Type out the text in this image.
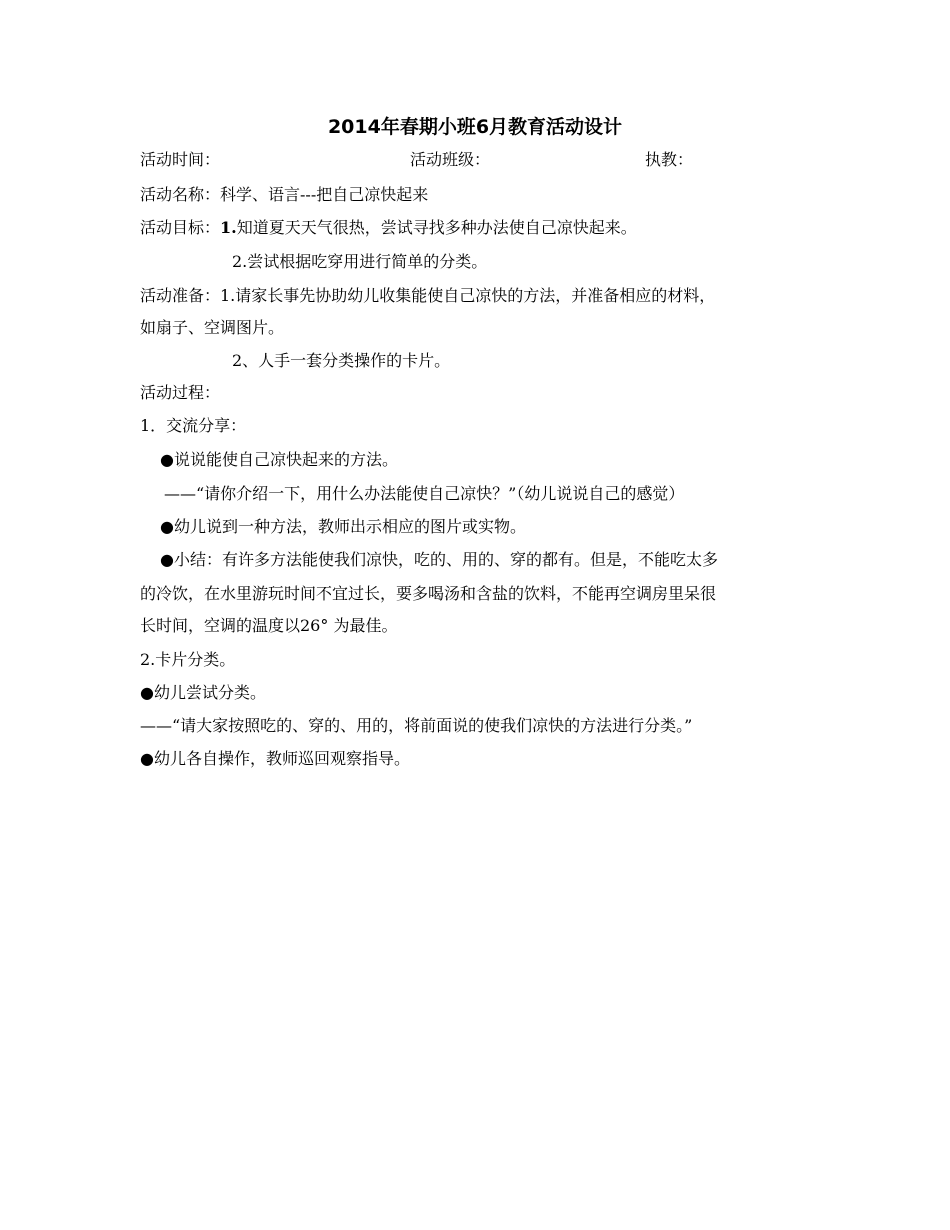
2014年春期小班6月教育活动设计
活动时间：	活动班级：	执教：
活动名称：科学、语言---把自己凉快起来
活动目标：1.知道夏天天气很热，尝试寻找多种办法使自己凉快起来。
2.尝试根据吃穿用进行简单的分类。
活动准备：1.请家长事先协助幼儿收集能使自己凉快的方法，并准备相应的材料，
如扇子、空调图片。
2、人手一套分类操作的卡片。
活动过程：
1．交流分享：
●说说能使自己凉快起来的方法。
——“请你介绍一下，用什么办法能使自己凉快？”（幼儿说说自己的感觉）
●幼儿说到一种方法，教师出示相应的图片或实物。
●小结：有许多方法能使我们凉快，吃的、用的、穿的都有。但是，不能吃太多
的冷饮，在水里游玩时间不宜过长，要多喝汤和含盐的饮料，不能再空调房里呆很
长时间，空调的温度以26° 为最佳。
2.卡片分类。
●幼儿尝试分类。
——“请大家按照吃的、穿的、用的，将前面说的使我们凉快的方法进行分类。”
●幼儿各自操作，教师巡回观察指导。
